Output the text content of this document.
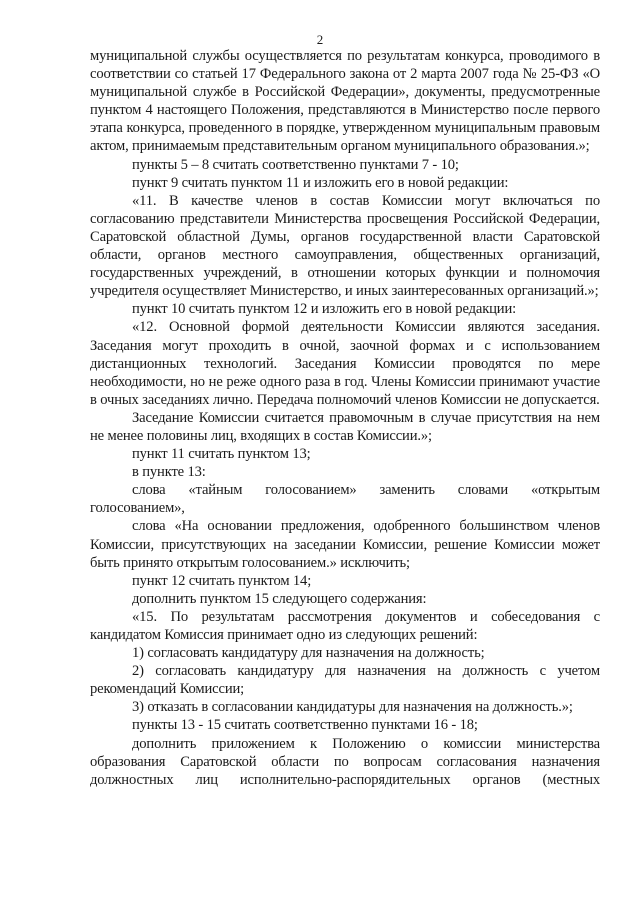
2

муниципальной службы осуществляется по результатам конкурса, проводимого в соответствии со статьей 17 Федерального закона от 2 марта 2007 года № 25-ФЗ «О муниципальной службе в Российской Федерации», документы, предусмотренные пунктом 4 настоящего Положения, представляются в Министерство после первого этапа конкурса, проведенного в порядке, утвержденном муниципальным правовым актом, принимаемым представительным органом муниципального образования.»;

пункты 5 – 8 считать соответственно пунктами 7 - 10;

пункт 9 считать пунктом 11 и изложить его в новой редакции:

«11. В качестве членов в состав Комиссии могут включаться по согласованию представители Министерства просвещения Российской Федерации, Саратовской областной Думы, органов государственной власти Саратовской области, органов местного самоуправления, общественных организаций, государственных учреждений, в отношении которых функции и полномочия учредителя осуществляет Министерство, и иных заинтересованных организаций.»;

пункт 10 считать пунктом 12 и изложить его в новой редакции:

«12. Основной формой деятельности Комиссии являются заседания. Заседания могут проходить в очной, заочной формах и с использованием дистанционных технологий. Заседания Комиссии проводятся по мере необходимости, но не реже одного раза в год. Члены Комиссии принимают участие в очных заседаниях лично. Передача полномочий членов Комиссии не допускается.

Заседание Комиссии считается правомочным в случае присутствия на нем не менее половины лиц, входящих в состав Комиссии.»;

пункт 11 считать пунктом 13;

в пункте 13:

слова «тайным голосованием» заменить словами «открытым голосованием»,

слова «На основании предложения, одобренного большинством членов Комиссии, присутствующих на заседании Комиссии, решение Комиссии может быть принято открытым голосованием.» исключить;

пункт 12 считать пунктом 14;

дополнить пунктом 15 следующего содержания:

«15. По результатам рассмотрения документов и собеседования с кандидатом Комиссия принимает одно из следующих решений:

1) согласовать кандидатуру для назначения на должность;

2) согласовать кандидатуру для назначения на должность с учетом рекомендаций Комиссии;

3) отказать в согласовании кандидатуры для назначения на должность.»;

пункты 13 - 15 считать соответственно пунктами 16 - 18;

дополнить приложением к Положению о комиссии министерства образования Саратовской области по вопросам согласования назначения должностных лиц исполнительно-распорядительных органов (местных
